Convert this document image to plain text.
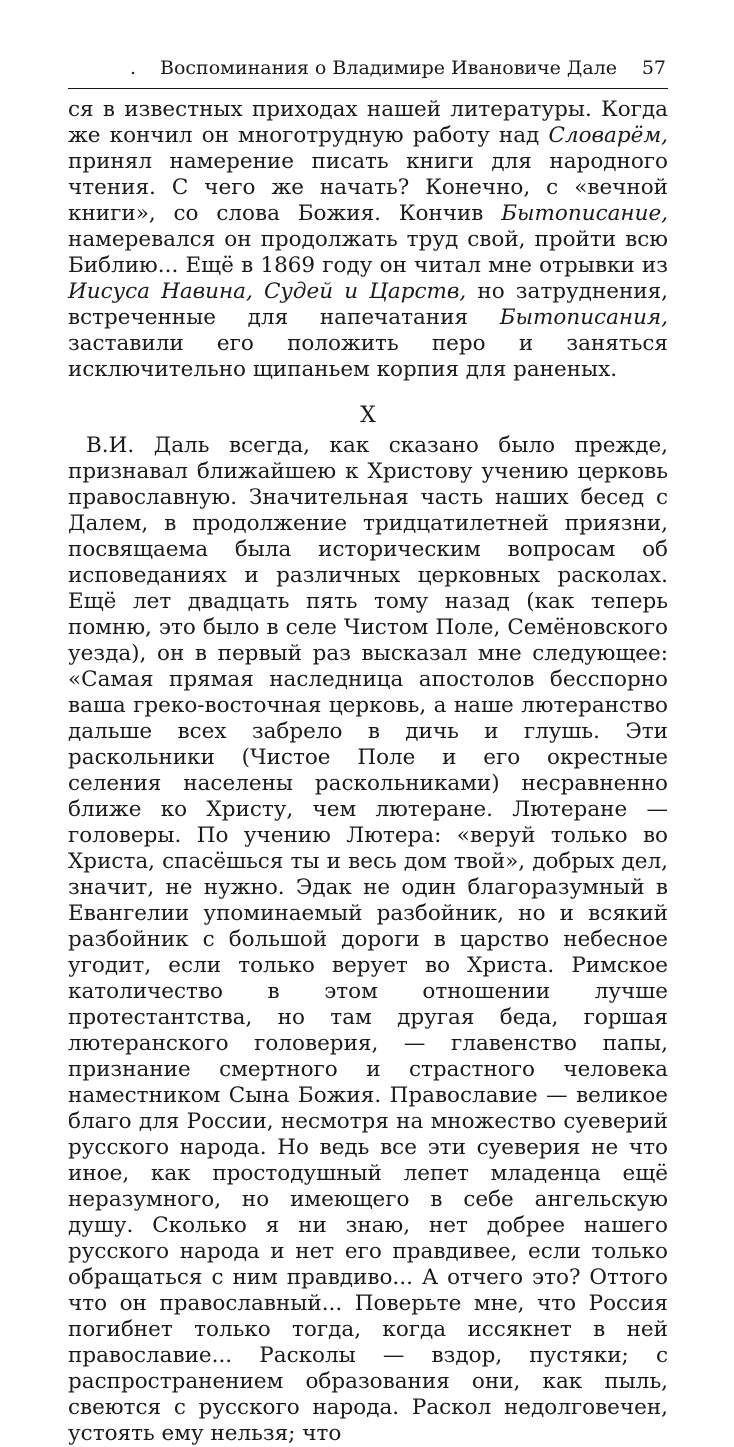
. Воспоминания о Владимире Ивановиче Дале 57

ся в известных приходах нашей литературы. Когда же кончил он многотрудную работу над Словарём, принял намерение писать книги для народного чтения. С чего же начать? Конечно, с «вечной книги», со слова Божия. Кончив Бытописание, намеревался он продолжать труд свой, пройти всю Библию... Ещё в 1869 году он читал мне отрывки из Иисуса Навина, Судей и Царств, но затруднения, встреченные для напечатания Бытописания, заставили его положить перо и заняться исключительно щипаньем корпия для раненых.

X

В.И. Даль всегда, как сказано было прежде, признавал ближайшею к Христову учению церковь православную. Значительная часть наших бесед с Далем, в продолжение тридцатилетней приязни, посвящаема была историческим вопросам об исповеданиях и различных церковных расколах. Ещё лет двадцать пять тому назад (как теперь помню, это было в селе Чистом Поле, Семёновского уезда), он в первый раз высказал мне следующее: «Самая прямая наследница апостолов бесспорно ваша греко-восточная церковь, а наше лютеранство дальше всех забрело в дичь и глушь. Эти раскольники (Чистое Поле и его окрестные селения населены раскольниками) несравненно ближе ко Христу, чем лютеране. Лютеране — головеры. По учению Лютера: «веруй только во Христа, спасёшься ты и весь дом твой», добрых дел, значит, не нужно. Эдак не один благоразумный в Евангелии упоминаемый разбойник, но и всякий разбойник с большой дороги в царство небесное угодит, если только верует во Христа. Римское католичество в этом отношении лучше протестантства, но там другая беда, горшая лютеранского головерия, — главенство папы, признание смертного и страстного человека наместником Сына Божия. Православие — великое благо для России, несмотря на множество суеверий русского народа. Но ведь все эти суеверия не что иное, как простодушный лепет младенца ещё неразумного, но имеющего в себе ангельскую душу. Сколько я ни знаю, нет добрее нашего русского народа и нет его правдивее, если только обращаться с ним правдиво... А отчего это? Оттого что он православный... Поверьте мне, что Россия погибнет только тогда, когда иссякнет в ней православие... Расколы — вздор, пустяки; с распространением образования они, как пыль, свеются с русского народа. Раскол недолговечен, устоять ему нельзя; что
